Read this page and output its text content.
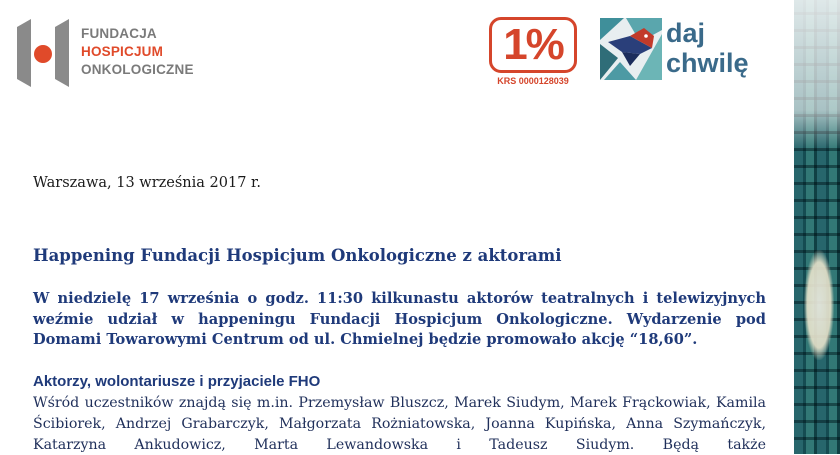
FUNDACJA
HOSPICJUM
ONKOLOGICZNE
1%
KRS 0000128039
daj
chwilę
Warszawa, 13 września 2017 r.
Happening Fundacji Hospicjum Onkologiczne z aktorami
W niedzielę 17 września o godz. 11:30 kilkunastu aktorów teatralnych i telewizyjnych weźmie udział w happeningu Fundacji Hospicjum Onkologiczne. Wydarzenie pod Domami Towarowymi Centrum od ul. Chmielnej będzie promowało akcję “18,60”.
Aktorzy, wolontariusze i przyjaciele FHO
Wśród uczestników znajdą się m.in. Przemysław Bluszcz, Marek Siudym, Marek Frąckowiak, Kamila Ścibiorek, Andrzej Grabarczyk, Małgorzata Rożniatowska, Joanna Kupińska, Anna Szymańczyk, Katarzyna Ankudowicz, Marta Lewandowska i Tadeusz Siudym. Będą także
